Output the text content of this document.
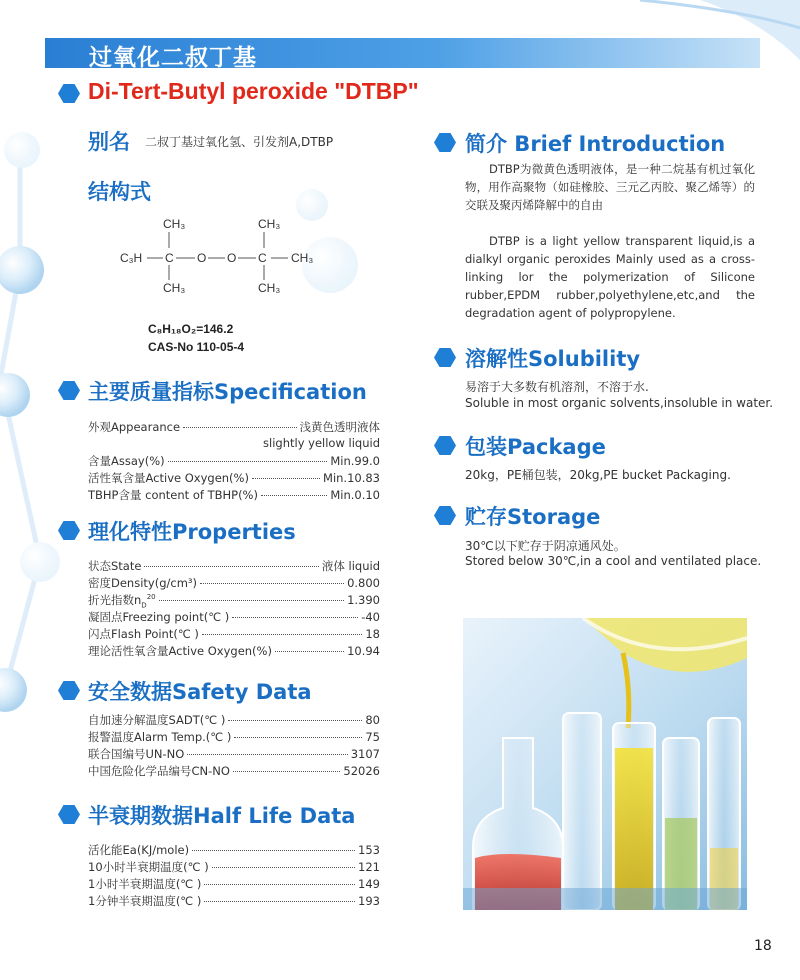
过氧化二叔丁基
Di-Tert-Butyl peroxide "DTBP"
别名 二叔丁基过氧化氢、引发剂A,DTBP
结构式
CH₃	CH₃
C₃H C O O C CH₃
CH₃	CH₃
C₈H₁₈O₂=146.2
CAS-No 110-05-4
主要质量指标Specification
外观Appearance	浅黄色透明液体
slightly yellow liquid
含量Assay(%)	Min.99.0
活性氧含量Active Oxygen(%)	Min.10.83
TBHP含量 content of TBHP(%)	Min.0.10
理化特性Properties
状态State	液体 liquid
密度Density(g/cm³)	0.800
折光指数$n_D^{20}$	1.390
凝固点Freezing point(℃ )	-40
闪点Flash Point(℃ )	18
理论活性氧含量Active Oxygen(%)	10.94
安全数据Safety Data
自加速分解温度SADT(℃ )	80
报警温度Alarm Temp.(℃ )	75
联合国编号UN-NO	3107
中国危险化学品编号CN-NO	52026
半衰期数据Half Life Data
活化能Ea(KJ/mole)	153
10小时半衰期温度(℃ )	121
1小时半衰期温度(℃ )	149
1分钟半衰期温度(℃ )	193
简介 Brief Introduction
DTBP为微黄色透明液体，是一种二烷基有机过氧化物，用作高聚物（如硅橡胶、三元乙丙胶、聚乙烯等）的交联及聚丙烯降解中的自由
DTBP is a light yellow transparent liquid,is a dialkyl organic peroxides Mainly used as a cross-linking lor the polymerization of Silicone rubber,EPDM rubber,polyethylene,etc,and the degradation agent of polypropylene.
溶解性Solubility
易溶于大多数有机溶剂，不溶于水.
Soluble in most organic solvents,insoluble in water.
包装Package
20kg，PE桶包装，20kg,PE bucket Packaging.
贮存Storage
30℃以下贮存于阴凉通风处。
Stored below 30℃,in a cool and ventilated place.
18
